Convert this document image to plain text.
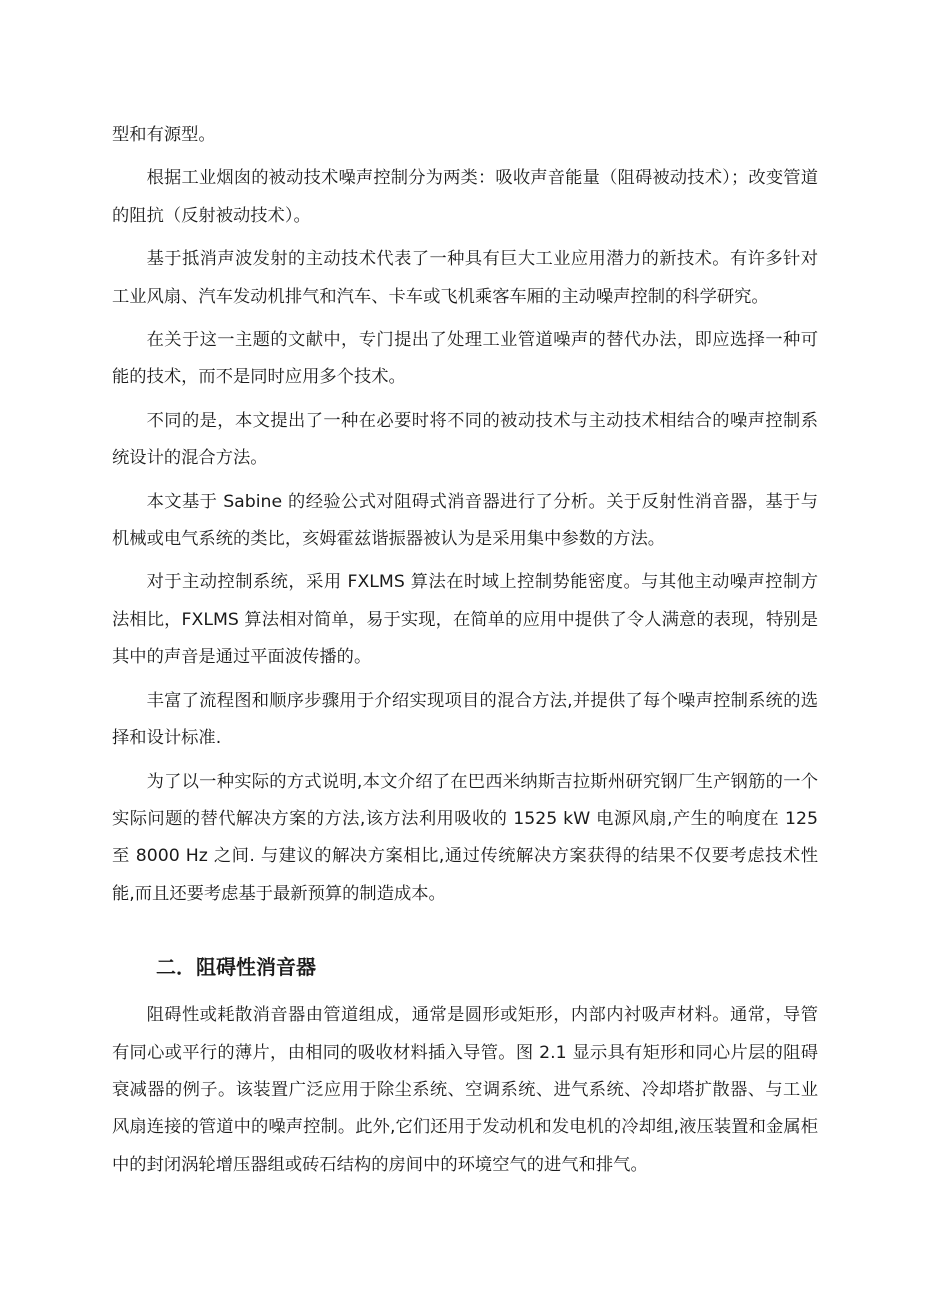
型和有源型。

根据工业烟囱的被动技术噪声控制分为两类：吸收声音能量（阻碍被动技术）；改变管道的阻抗（反射被动技术）。

基于抵消声波发射的主动技术代表了一种具有巨大工业应用潜力的新技术。有许多针对工业风扇、汽车发动机排气和汽车、卡车或飞机乘客车厢的主动噪声控制的科学研究。

在关于这一主题的文献中，专门提出了处理工业管道噪声的替代办法，即应选择一种可能的技术，而不是同时应用多个技术。

不同的是，本文提出了一种在必要时将不同的被动技术与主动技术相结合的噪声控制系统设计的混合方法。

本文基于 Sabine 的经验公式对阻碍式消音器进行了分析。关于反射性消音器，基于与机械或电气系统的类比，亥姆霍兹谐振器被认为是采用集中参数的方法。

对于主动控制系统，采用 FXLMS 算法在时域上控制势能密度。与其他主动噪声控制方法相比，FXLMS 算法相对简单，易于实现，在简单的应用中提供了令人满意的表现，特别是其中的声音是通过平面波传播的。

丰富了流程图和顺序步骤用于介绍实现项目的混合方法,并提供了每个噪声控制系统的选择和设计标准.

为了以一种实际的方式说明,本文介绍了在巴西米纳斯吉拉斯州研究钢厂生产钢筋的一个实际问题的替代解决方案的方法,该方法利用吸收的 1525 kW 电源风扇,产生的响度在 125 至 8000 Hz 之间. 与建议的解决方案相比,通过传统解决方案获得的结果不仅要考虑技术性能,而且还要考虑基于最新预算的制造成本。

二．阻碍性消音器

阻碍性或耗散消音器由管道组成，通常是圆形或矩形，内部内衬吸声材料。通常，导管有同心或平行的薄片，由相同的吸收材料插入导管。图 2.1 显示具有矩形和同心片层的阻碍衰减器的例子。该装置广泛应用于除尘系统、空调系统、进气系统、冷却塔扩散器、与工业风扇连接的管道中的噪声控制。此外,它们还用于发动机和发电机的冷却组,液压装置和金属柜中的封闭涡轮增压器组或砖石结构的房间中的环境空气的进气和排气。
